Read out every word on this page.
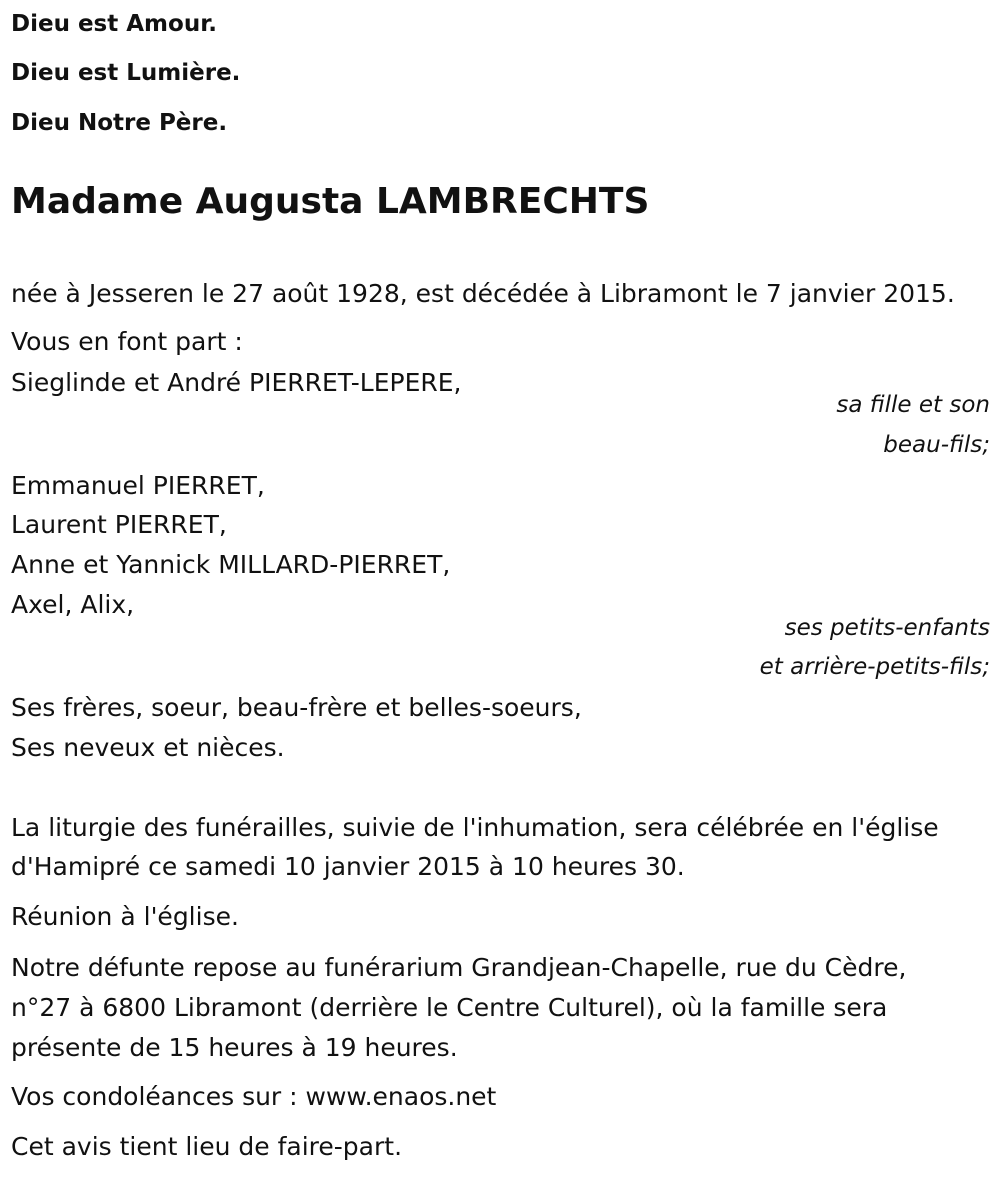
Dieu est Amour.

Dieu est Lumière.

Dieu Notre Père.

Madame Augusta LAMBRECHTS

née à Jesseren le 27 août 1928, est décédée à Libramont le 7 janvier 2015.

Vous en font part :

Sieglinde et André PIERRET-LEPERE,

sa fille et son

beau-fils;

Emmanuel PIERRET,

Laurent PIERRET,

Anne et Yannick MILLARD-PIERRET,

Axel, Alix,

ses petits-enfants

et arrière-petits-fils;

Ses frères, soeur, beau-frère et belles-soeurs,

Ses neveux et nièces.

La liturgie des funérailles, suivie de l'inhumation, sera célébrée en l'église

d'Hamipré ce samedi 10 janvier 2015 à 10 heures 30.

Réunion à l'église.

Notre défunte repose au funérarium Grandjean-Chapelle, rue du Cèdre,

n°27 à 6800 Libramont (derrière le Centre Culturel), où la famille sera

présente de 15 heures à 19 heures.

Vos condoléances sur : www.enaos.net

Cet avis tient lieu de faire-part.
